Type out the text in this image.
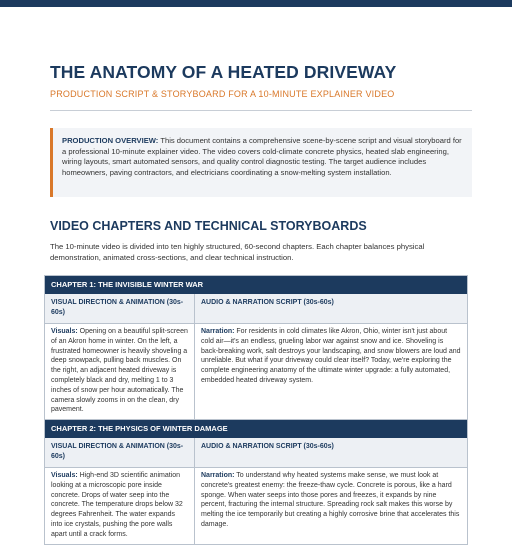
THE ANATOMY OF A HEATED DRIVEWAY

PRODUCTION SCRIPT & STORYBOARD FOR A 10-MINUTE EXPLAINER VIDEO

PRODUCTION OVERVIEW: This document contains a comprehensive scene-by-scene script and visual storyboard for a professional 10-minute explainer video. The video covers cold-climate concrete physics, heated slab engineering, wiring layouts, smart automated sensors, and quality control diagnostic testing. The target audience includes homeowners, paving contractors, and electricians coordinating a snow-melting system installation.
VIDEO CHAPTERS AND TECHNICAL STORYBOARDS

The 10-minute video is divided into ten highly structured, 60-second chapters. Each chapter balances physical demonstration, animated cross-sections, and clear technical instruction.

CHAPTER 1: THE INVISIBLE WINTER WAR
VISUAL DIRECTION & ANIMATION (30s-60s)
AUDIO & NARRATION SCRIPT (30s-60s)
Visuals: Opening on a beautiful split-screen of an Akron home in winter. On the left, a frustrated homeowner is heavily shoveling a deep snowpack, pulling back muscles. On the right, an adjacent heated driveway is completely black and dry, melting 1 to 3 inches of snow per hour automatically. The camera slowly zooms in on the clean, dry pavement.
Narration: For residents in cold climates like Akron, Ohio, winter isn't just about cold air—it's an endless, grueling labor war against snow and ice. Shoveling is back-breaking work, salt destroys your landscaping, and snow blowers are loud and unreliable. But what if your driveway could clear itself? Today, we're exploring the complete engineering anatomy of the ultimate winter upgrade: a fully automated, embedded heated driveway system.
CHAPTER 2: THE PHYSICS OF WINTER DAMAGE
VISUAL DIRECTION & ANIMATION (30s-60s)
AUDIO & NARRATION SCRIPT (30s-60s)
Visuals: High-end 3D scientific animation looking at a microscopic pore inside concrete. Drops of water seep into the concrete. The temperature drops below 32 degrees Fahrenheit. The water expands into ice crystals, pushing the pore walls apart until a crack forms.
Narration: To understand why heated systems make sense, we must look at concrete's greatest enemy: the freeze-thaw cycle. Concrete is porous, like a hard sponge. When water seeps into those pores and freezes, it expands by nine percent, fracturing the internal structure. Spreading rock salt makes this worse by melting the ice temporarily but creating a highly corrosive brine that accelerates this damage.
